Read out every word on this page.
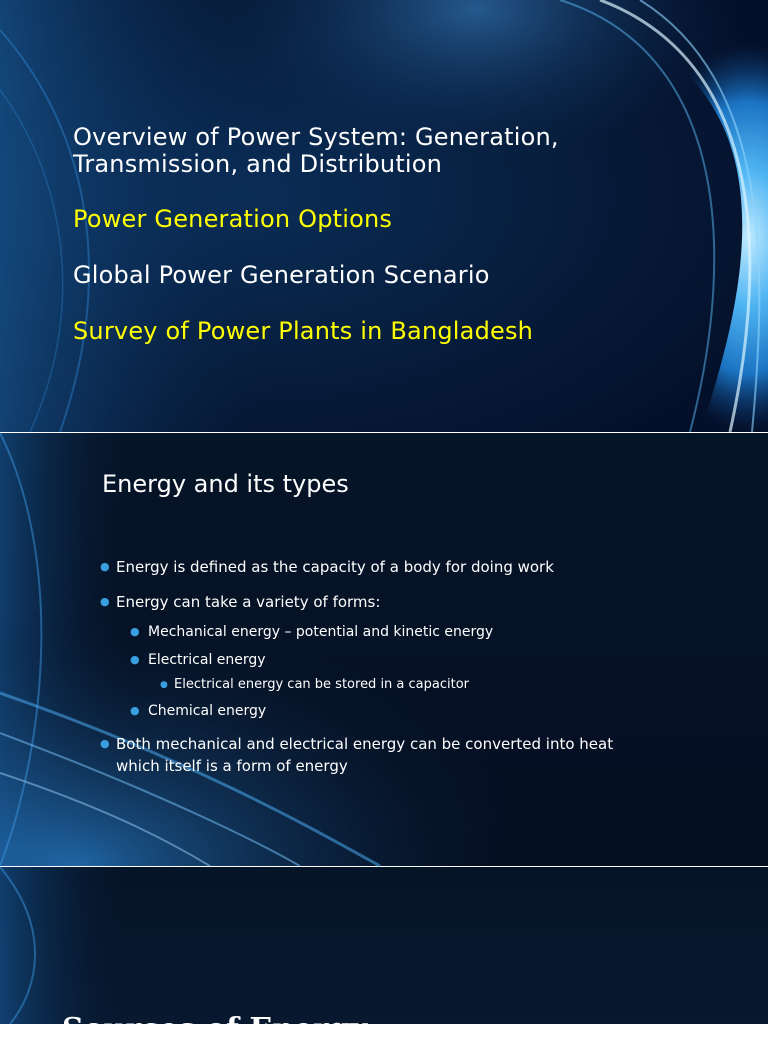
Overview of Power System: Generation, Transmission, and Distribution
Power Generation Options
Global Power Generation Scenario
Survey of Power Plants in Bangladesh
Energy and its types
● Energy is defined as the capacity of a body for doing work
● Energy can take a variety of forms:
● Mechanical energy – potential and kinetic energy
● Electrical energy
● Electrical energy can be stored in a capacitor
● Chemical energy
● Both mechanical and electrical energy can be converted into heat which itself is a form of energy
Sources of Energy
